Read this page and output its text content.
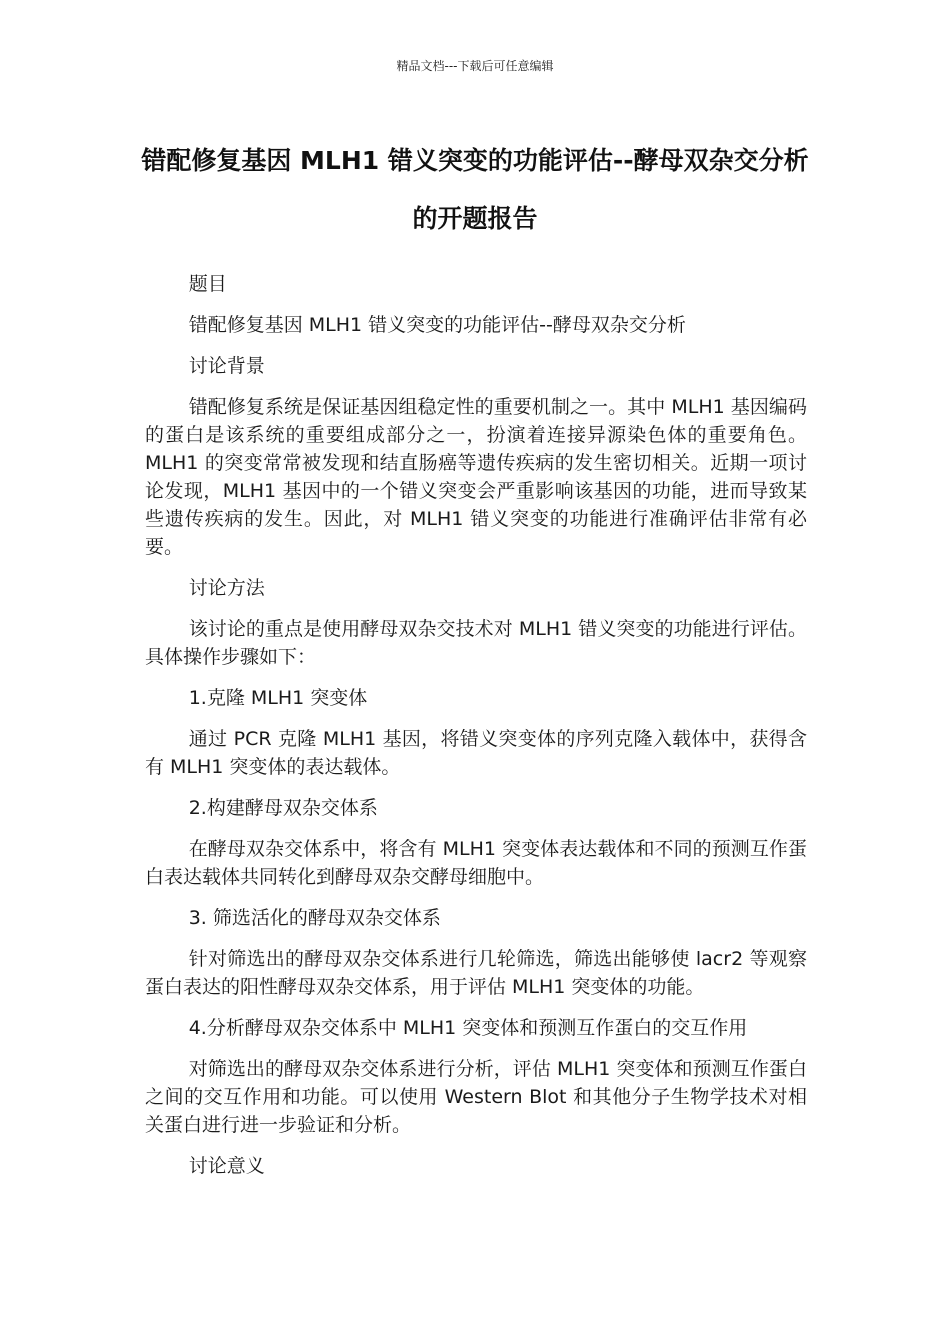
精品文档---下载后可任意编辑
错配修复基因 MLH1 错义突变的功能评估--酵母双杂交分析的开题报告

题目

错配修复基因 MLH1 错义突变的功能评估--酵母双杂交分析

讨论背景

错配修复系统是保证基因组稳定性的重要机制之一。其中 MLH1 基因编码的蛋白是该系统的重要组成部分之一，扮演着连接异源染色体的重要角色。MLH1 的突变常常被发现和结直肠癌等遗传疾病的发生密切相关。近期一项讨论发现，MLH1 基因中的一个错义突变会严重影响该基因的功能，进而导致某些遗传疾病的发生。因此，对 MLH1 错义突变的功能进行准确评估非常有必要。

讨论方法

该讨论的重点是使用酵母双杂交技术对 MLH1 错义突变的功能进行评估。具体操作步骤如下：

1.克隆 MLH1 突变体

通过 PCR 克隆 MLH1 基因，将错义突变体的序列克隆入载体中，获得含有 MLH1 突变体的表达载体。

2.构建酵母双杂交体系

在酵母双杂交体系中，将含有 MLH1 突变体表达载体和不同的预测互作蛋白表达载体共同转化到酵母双杂交酵母细胞中。

3. 筛选活化的酵母双杂交体系

针对筛选出的酵母双杂交体系进行几轮筛选，筛选出能够使 lacr2 等观察蛋白表达的阳性酵母双杂交体系，用于评估 MLH1 突变体的功能。

4.分析酵母双杂交体系中 MLH1 突变体和预测互作蛋白的交互作用

对筛选出的酵母双杂交体系进行分析，评估 MLH1 突变体和预测互作蛋白之间的交互作用和功能。可以使用 Western Blot 和其他分子生物学技术对相关蛋白进行进一步验证和分析。

讨论意义
